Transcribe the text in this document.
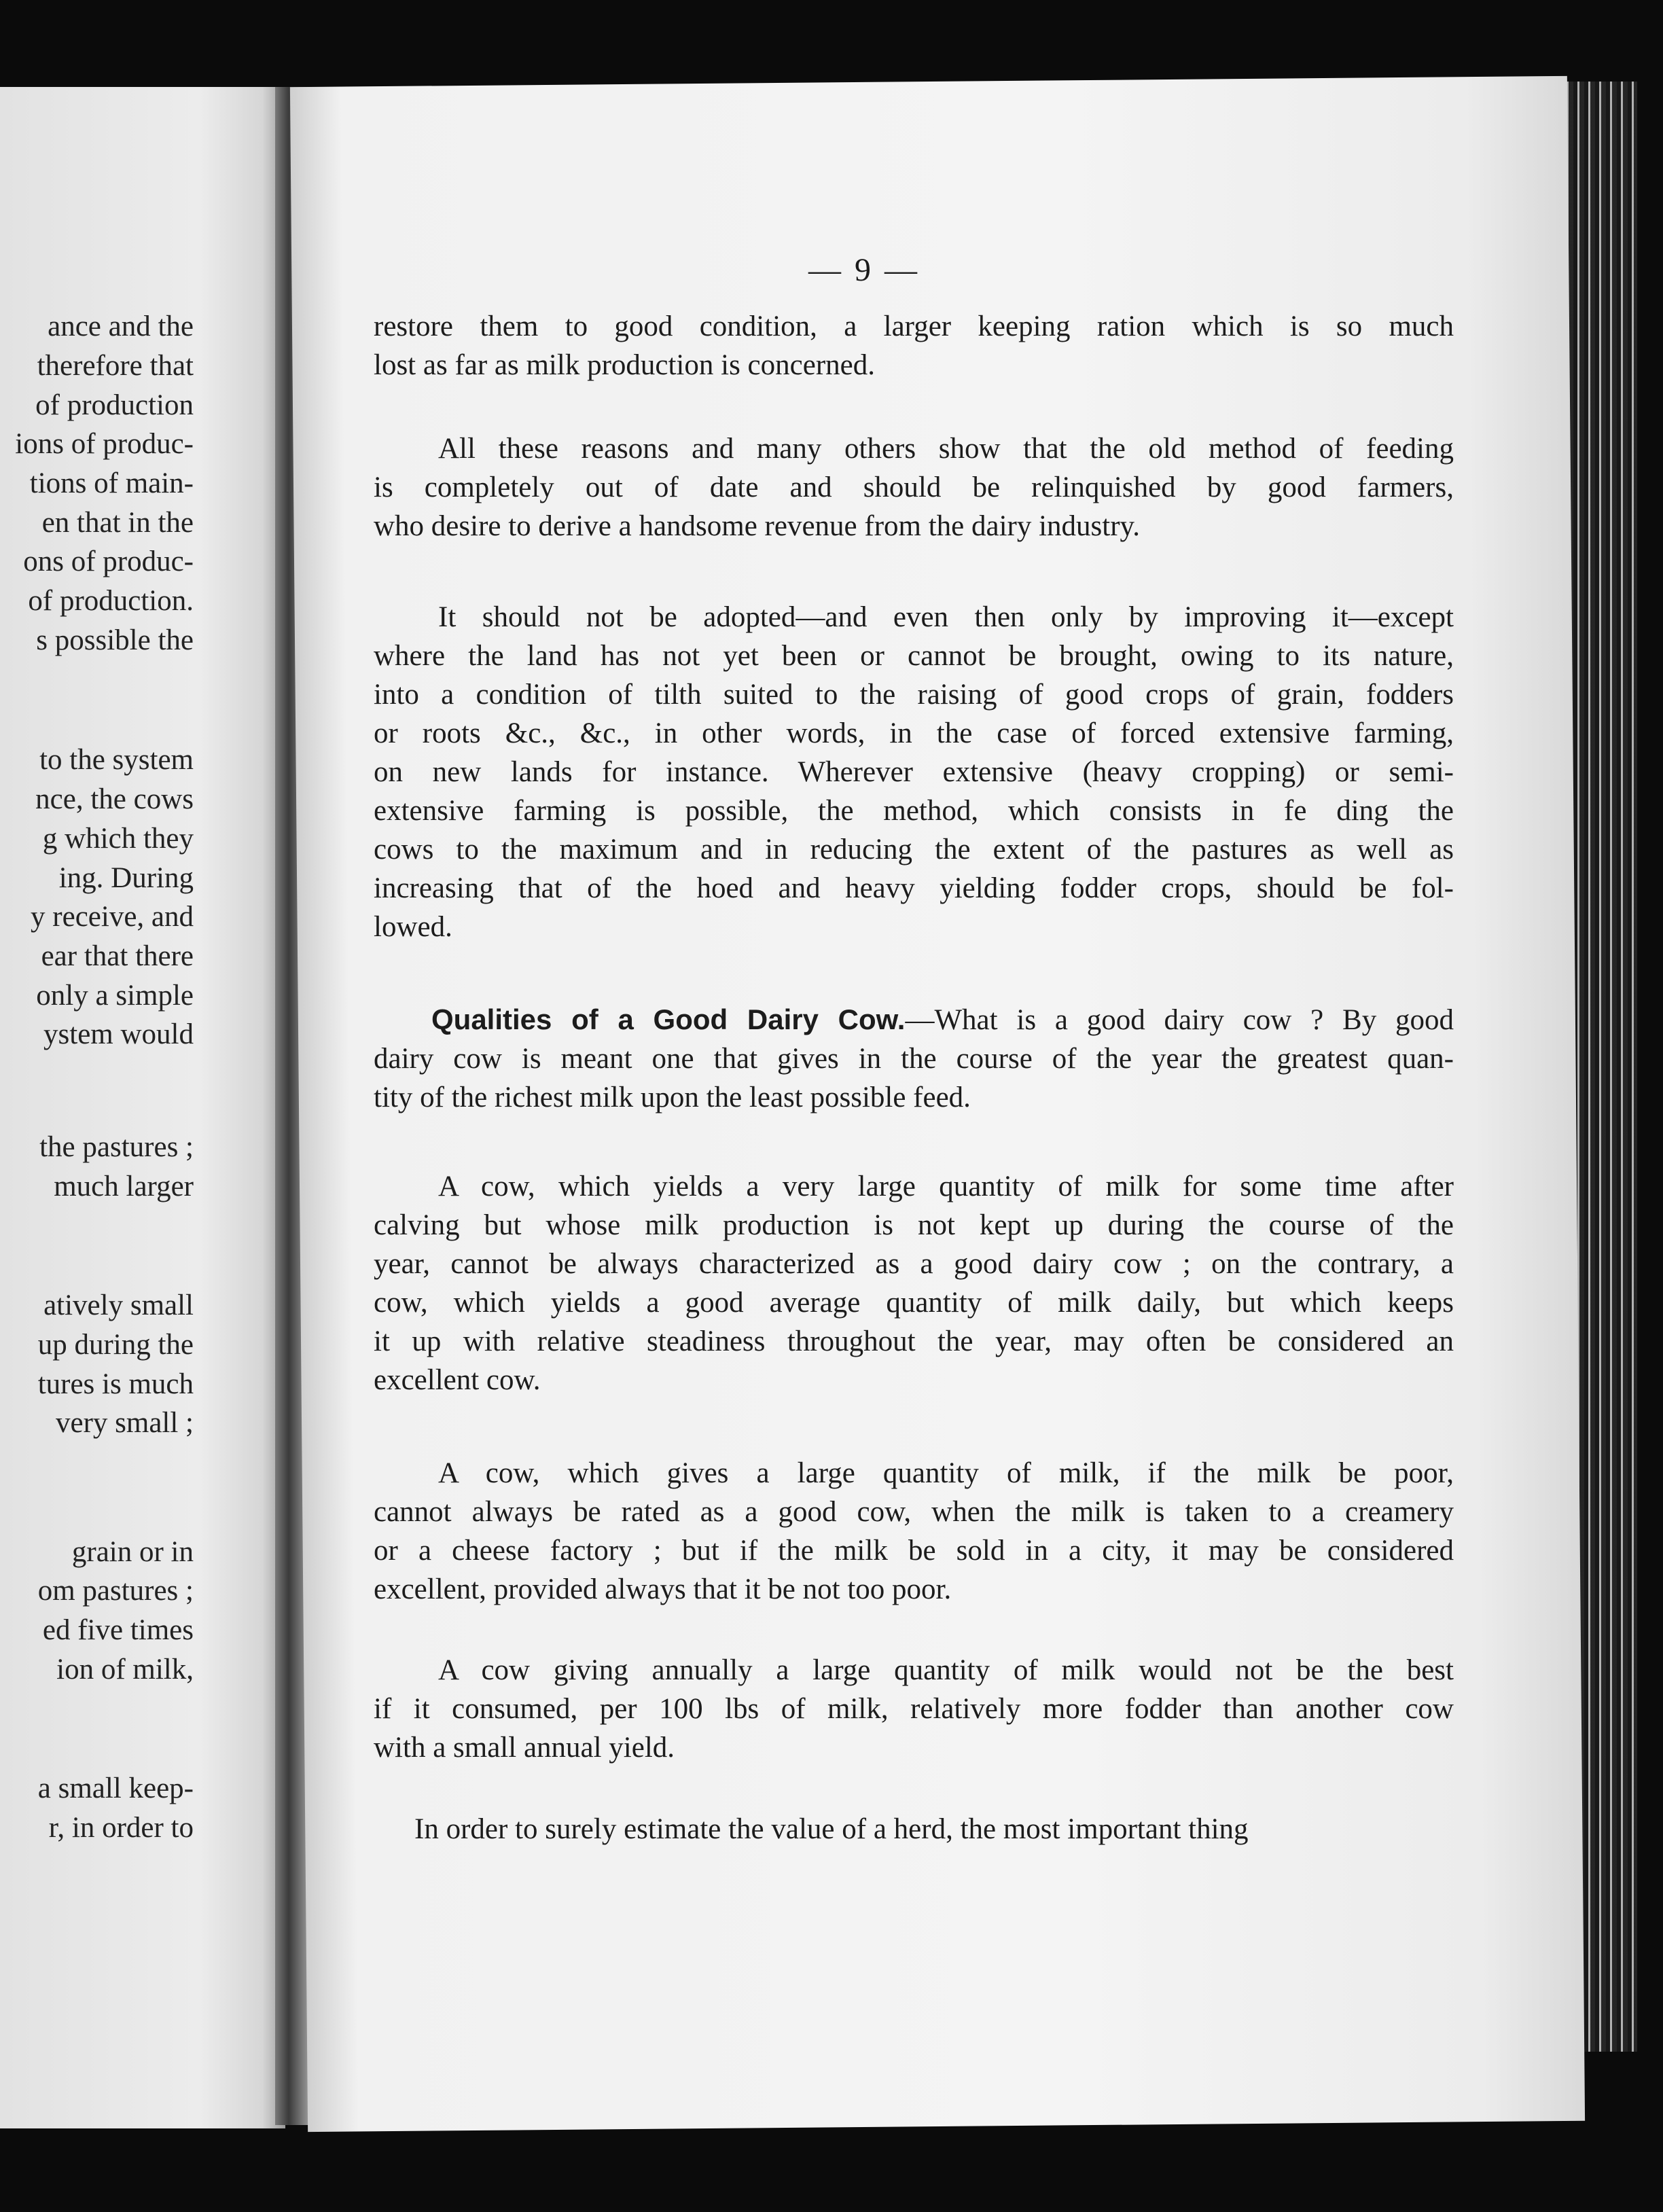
ance and the
therefore that
of production
ions of produc-
tions of main-
en that in the
ons of produc-
of production.
s possible the
to the system
nce, the cows
g which they
ing. During
y receive, and
ear that there
only a simple
ystem would
the pastures ;
much larger
atively small
up during the
tures is much
very small ;
grain or in
om pastures ;
ed five times
ion of milk,
a small keep-
r, in order to
— 9 —
restore them to good condition, a larger keeping ration which is so much
lost as far as milk production is concerned.
All these reasons and many others show that the old method of feeding
is completely out of date and should be relinquished by good farmers,
who desire to derive a handsome revenue from the dairy industry.
It should not be adopted—and even then only by improving it—except
where the land has not yet been or cannot be brought, owing to its nature,
into a condition of tilth suited to the raising of good crops of grain, fodders
or roots &c., &c., in other words, in the case of forced extensive farming,
on new lands for instance. Wherever extensive (heavy cropping) or semi-
extensive farming is possible, the method, which consists in fe ding the
cows to the maximum and in reducing the extent of the pastures as well as
increasing that of the hoed and heavy yielding fodder crops, should be fol-
lowed.
Qualities of a Good Dairy Cow.—What is a good dairy cow ? By good
dairy cow is meant one that gives in the course of the year the greatest quan-
tity of the richest milk upon the least possible feed.
A cow, which yields a very large quantity of milk for some time after
calving but whose milk production is not kept up during the course of the
year, cannot be always characterized as a good dairy cow ; on the contrary, a
cow, which yields a good average quantity of milk daily, but which keeps
it up with relative steadiness throughout the year, may often be considered an
excellent cow.
A cow, which gives a large quantity of milk, if the milk be poor,
cannot always be rated as a good cow, when the milk is taken to a creamery
or a cheese factory ; but if the milk be sold in a city, it may be considered
excellent, provided always that it be not too poor.
A cow giving annually a large quantity of milk would not be the best
if it consumed, per 100 lbs of milk, relatively more fodder than another cow
with a small annual yield.
In order to surely estimate the value of a herd, the most important thing
